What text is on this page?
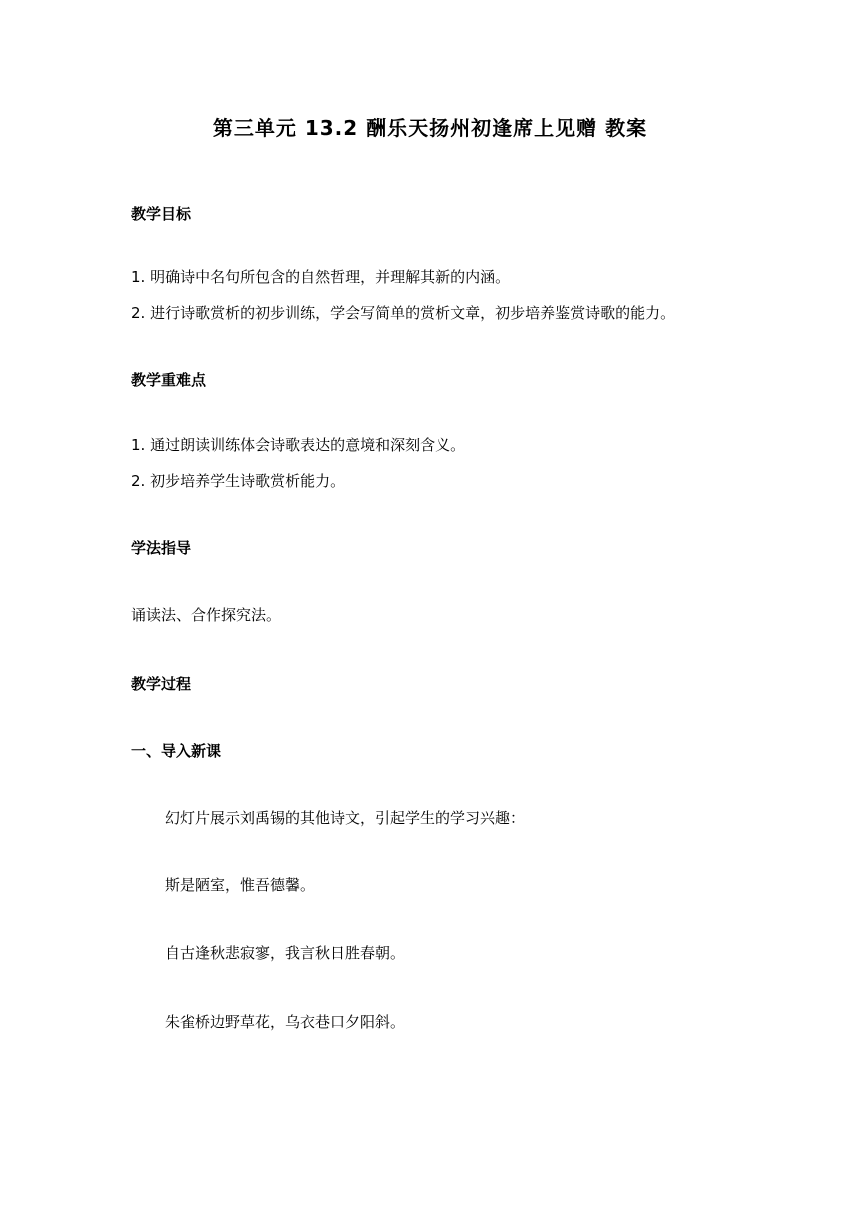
第三单元 13.2 酬乐天扬州初逢席上见赠 教案
教学目标
1. 明确诗中名句所包含的自然哲理，并理解其新的内涵。
2. 进行诗歌赏析的初步训练，学会写简单的赏析文章，初步培养鉴赏诗歌的能力。
教学重难点
1. 通过朗读训练体会诗歌表达的意境和深刻含义。
2. 初步培养学生诗歌赏析能力。
学法指导
诵读法、合作探究法。
教学过程
一、导入新课
幻灯片展示刘禹锡的其他诗文，引起学生的学习兴趣：
斯是陋室，惟吾德馨。
自古逢秋悲寂寥，我言秋日胜春朝。
朱雀桥边野草花，乌衣巷口夕阳斜。
